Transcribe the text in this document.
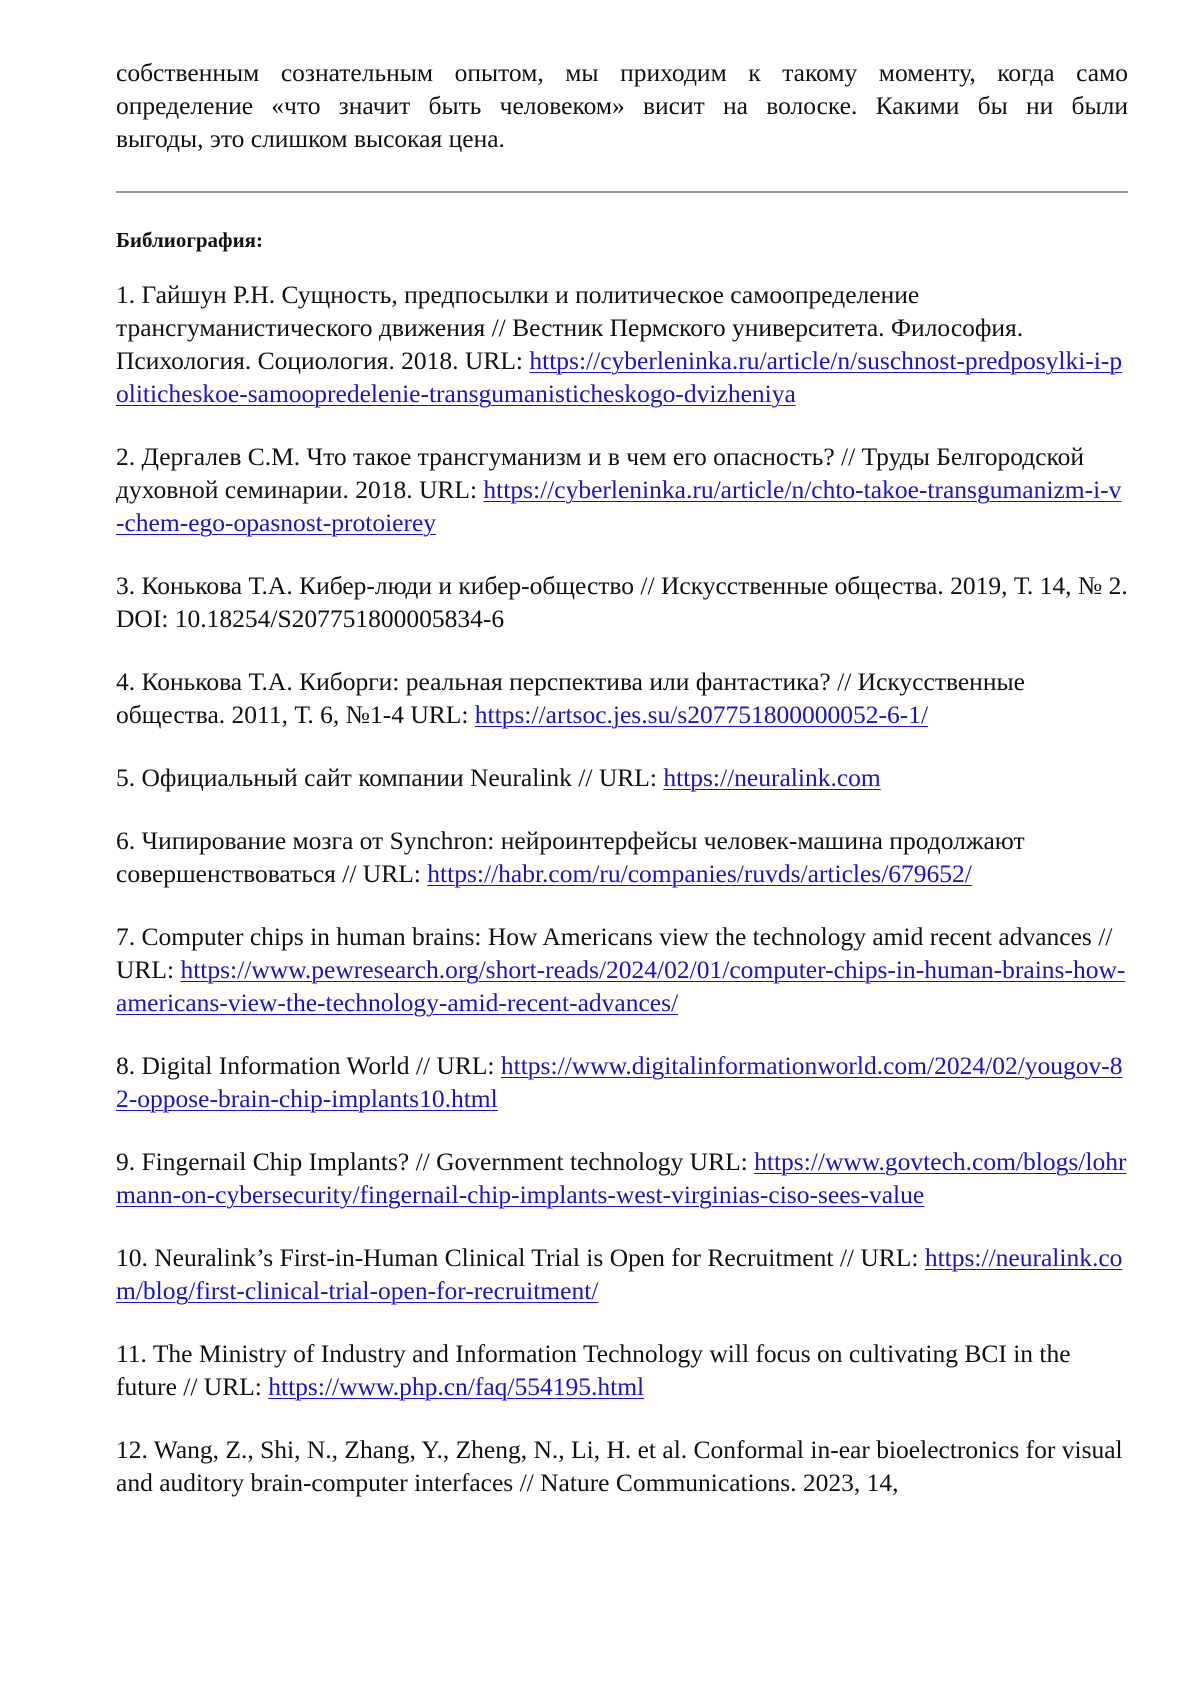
собственным сознательным опытом, мы приходим к такому моменту, когда само
определение «что значит быть человеком» висит на волоске. Какими бы ни были
выгоды, это слишком высокая цена.

Библиография:
1. Гайшун Р.Н. Сущность, предпосылки и политическое самоопределение трансгуманистического движения // Вестник Пермского университета. Философия. Психология. Социология. 2018. URL: https://cyberleninka.ru/article/n/suschnost-predposylki-i-politicheskoe-samoopredelenie-transgumanisticheskogo-dvizheniya
2. Дергалев С.М. Что такое трансгуманизм и в чем его опасность? // Труды Белгородской духовной семинарии. 2018. URL: https://cyberleninka.ru/article/n/chto-takoe-transgumanizm-i-v-chem-ego-opasnost-protoierey
3. Конькова Т.А. Кибер-люди и кибер-общество // Искусственные общества. 2019, Т. 14, № 2. DOI: 10.18254/S207751800005834-6
4. Конькова Т.А. Киборги: реальная перспектива или фантастика? // Искусственные общества. 2011, Т. 6, №1-4 URL: https://artsoc.jes.su/s207751800000052-6-1/
5. Официальный сайт компании Neuralink // URL: https://neuralink.com
6. Чипирование мозга от Synchron: нейроинтерфейсы человек-машина продолжают совершенствоваться // URL: https://habr.com/ru/companies/ruvds/articles/679652/
7. Computer chips in human brains: How Americans view the technology amid recent advances // URL: https://www.pewresearch.org/short-reads/2024/02/01/computer-chips-in-human-brains-how-americans-view-the-technology-amid-recent-advances/
8. Digital Information World // URL: https://www.digitalinformationworld.com/2024/02/yougov-82-oppose-brain-chip-implants10.html
9. Fingernail Chip Implants? // Government technology URL: https://www.govtech.com/blogs/lohrmann-on-cybersecurity/fingernail-chip-implants-west-virginias-ciso-sees-value
10. Neuralink’s First-in-Human Clinical Trial is Open for Recruitment // URL: https://neuralink.com/blog/first-clinical-trial-open-for-recruitment/
11. The Ministry of Industry and Information Technology will focus on cultivating BCI in the future // URL: https://www.php.cn/faq/554195.html
12. Wang, Z., Shi, N., Zhang, Y., Zheng, N., Li, H. et al. Conformal in-ear bioelectronics for visual and auditory brain-computer interfaces // Nature Communications. 2023, 14,
